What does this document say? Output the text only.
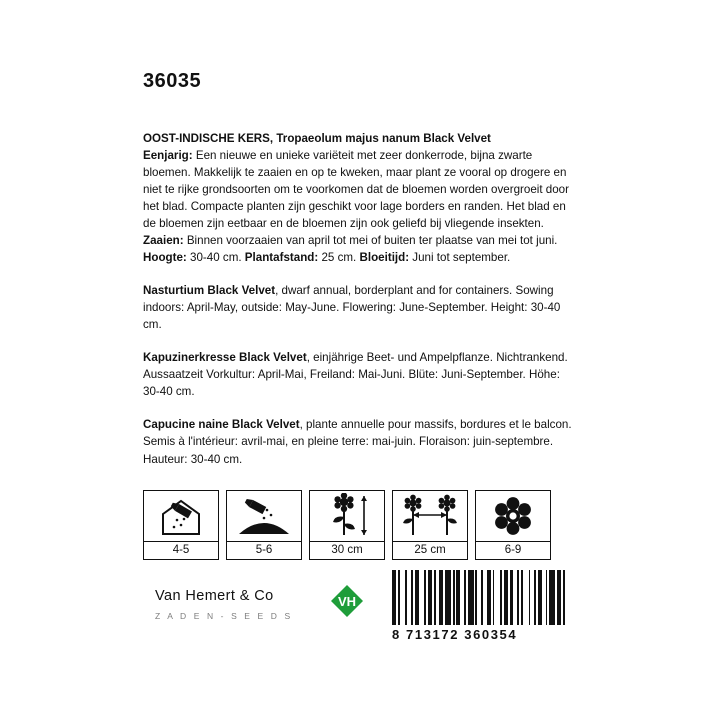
36035

OOST-INDISCHE KERS, Tropaeolum majus nanum Black Velvet
Eenjarig: Een nieuwe en unieke variëteit met zeer donkerrode, bijna zwarte bloemen. Makkelijk te zaaien en op te kweken, maar plant ze vooral op drogere en niet te rijke grondsoorten om te voorkomen dat de bloemen worden overgroeit door het blad. Compacte planten zijn geschikt voor lage borders en randen. Het blad en de bloemen zijn eetbaar en de bloemen zijn ook geliefd bij vliegende insekten. Zaaien: Binnen voorzaaien van april tot mei of buiten ter plaatse van mei tot juni. Hoogte: 30-40 cm. Plantafstand: 25 cm. Bloeitijd: Juni tot september.

Nasturtium Black Velvet, dwarf annual, borderplant and for containers. Sowing indoors: April-May, outside: May-June. Flowering: June-September. Height: 30-40 cm.

Kapuzinerkresse Black Velvet, einjährige Beet- und Ampelpflanze. Nichtrankend. Aussaatzeit Vorkultur: April-Mai, Freiland: Mai-Juni. Blüte: Juni-September. Höhe: 30-40 cm.

Capucine naine Black Velvet, plante annuelle pour massifs, bordures et le balcon. Semis à l'intérieur: avril-mai, en pleine terre: mai-juin. Floraison: juin-septembre. Hauteur: 30-40 cm.

4-5	5-6	30 cm	25 cm	6-9
Van Hemert & Co
Z A D E N - S E E D S
VH
8 713172 360354
